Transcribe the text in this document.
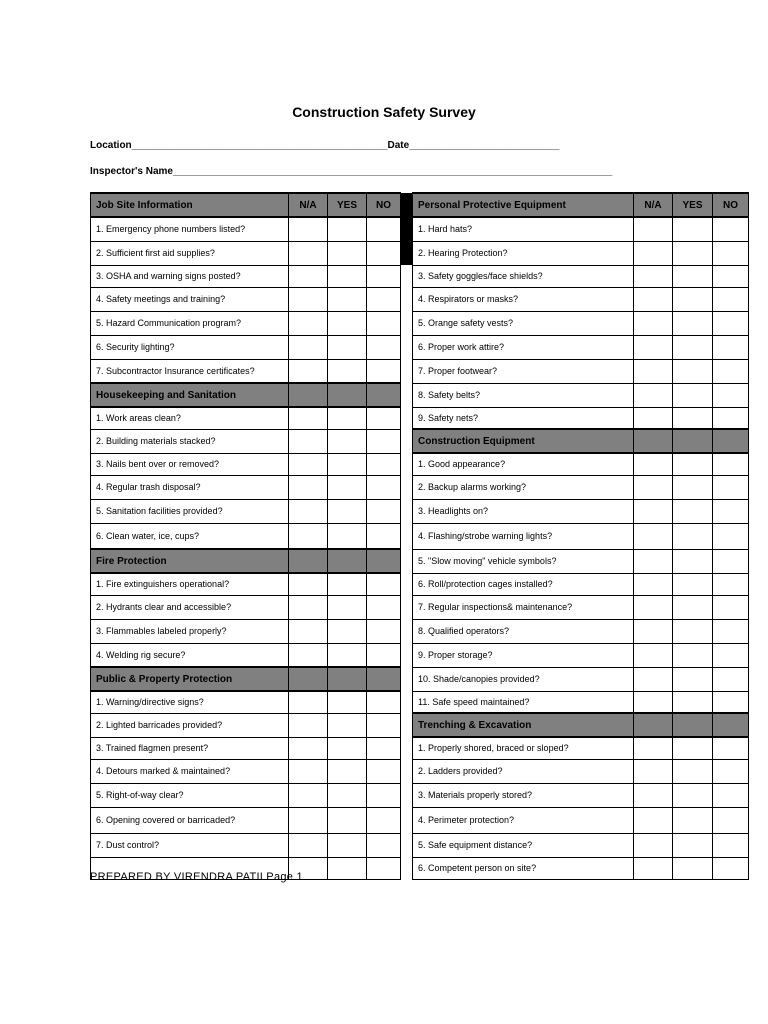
Construction Safety Survey
Location______________________________________________Date___________________________
Inspector's Name_______________________________________________________________________________
Job Site Information	N/A	YES	NO		Personal Protective Equipment	N/A	YES	NO
1. Emergency phone numbers listed?					1. Hard hats?			
2. Sufficient first aid supplies?					2. Hearing Protection?			
3. OSHA and warning signs posted?					3. Safety goggles/face shields?			
4. Safety meetings and training?					4. Respirators or masks?			
5. Hazard Communication program?					5. Orange safety vests?			
6. Security lighting?					6. Proper work attire?			
7. Subcontractor Insurance certificates?					7. Proper footwear?			
Housekeeping and Sanitation					8. Safety belts?			
1. Work areas clean?					9. Safety nets?			
2. Building materials stacked?					Construction Equipment			
3. Nails bent over or removed?					1. Good appearance?			
4. Regular trash disposal?					2. Backup alarms working?			
5. Sanitation facilities provided?					3. Headlights on?			
6. Clean water, ice, cups?					4. Flashing/strobe warning lights?			
Fire Protection					5. "Slow moving" vehicle symbols?			
1. Fire extinguishers operational?					6. Roll/protection cages installed?			
2. Hydrants clear and accessible?					7. Regular inspections& maintenance?			
3. Flammables labeled properly?					8. Qualified operators?			
4. Welding rig secure?					9. Proper storage?			
Public & Property Protection					10. Shade/canopies provided?			
1. Warning/directive signs?					11. Safe speed maintained?			
2. Lighted barricades provided?					Trenching & Excavation			
3. Trained flagmen present?					1. Properly shored, braced or sloped?			
4. Detours marked & maintained?					2. Ladders provided?			
5. Right-of-way clear?					3. Materials properly stored?			
6. Opening covered or barricaded?					4. Perimeter protection?			
7. Dust control?					5. Safe equipment distance?			
					6. Competent person on site?			
PREPARED BY VIRENDRA PATILPage 1
